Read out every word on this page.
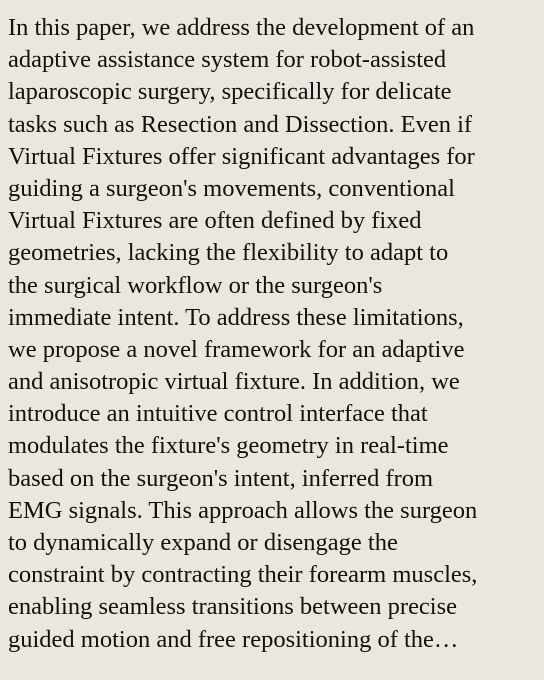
In this paper, we address the development of an
adaptive assistance system for robot-assisted
laparoscopic surgery, specifically for delicate
tasks such as Resection and Dissection. Even if
Virtual Fixtures offer significant advantages for
guiding a surgeon's movements, conventional
Virtual Fixtures are often defined by fixed
geometries, lacking the flexibility to adapt to
the surgical workflow or the surgeon's
immediate intent. To address these limitations,
we propose a novel framework for an adaptive
and anisotropic virtual fixture. In addition, we
introduce an intuitive control interface that
modulates the fixture's geometry in real-time
based on the surgeon's intent, inferred from
EMG signals. This approach allows the surgeon
to dynamically expand or disengage the
constraint by contracting their forearm muscles,
enabling seamless transitions between precise
guided motion and free repositioning of the…
